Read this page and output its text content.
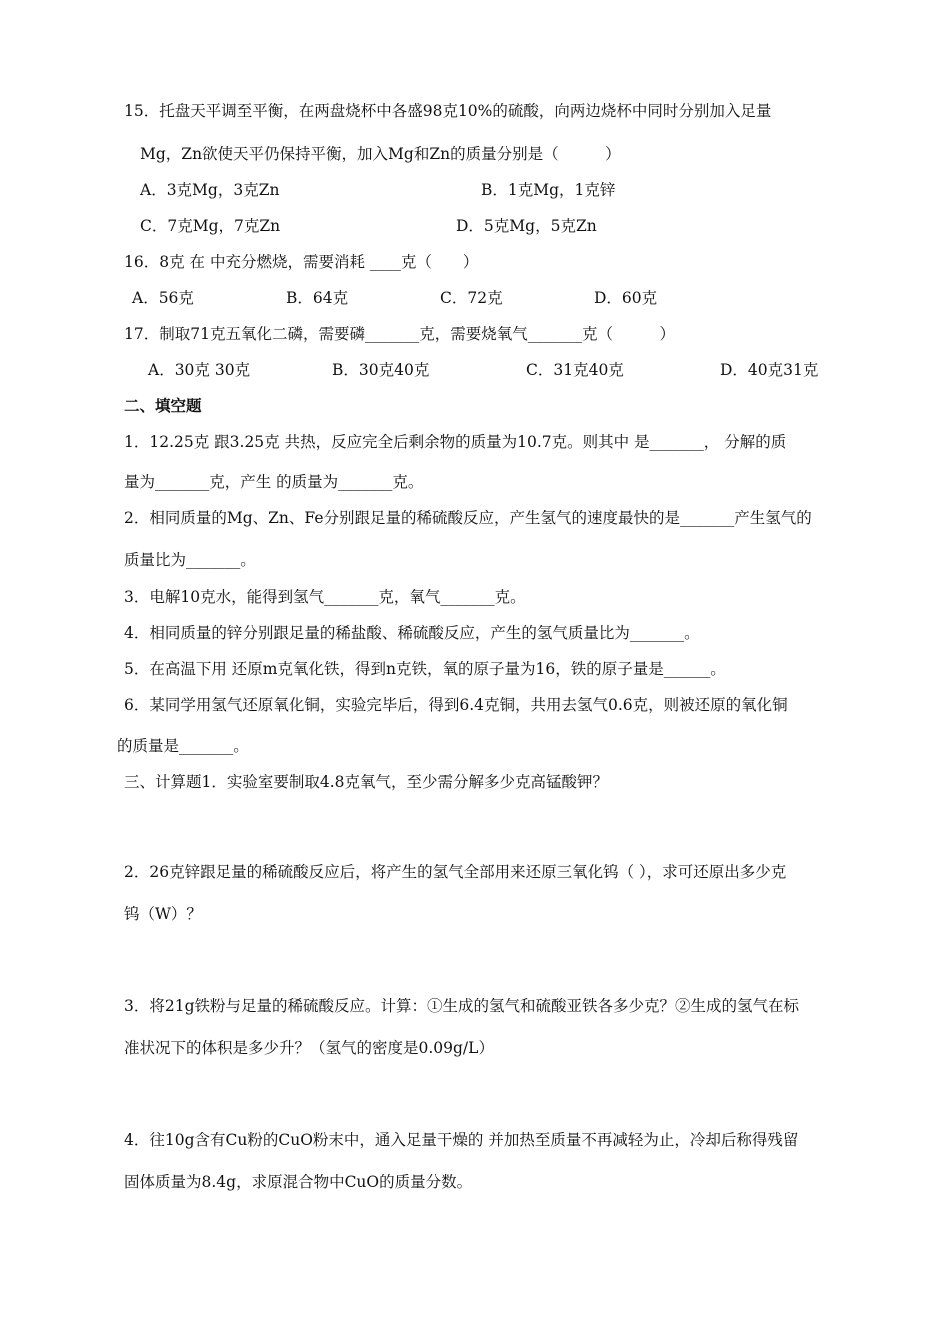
15．托盘天平调至平衡，在两盘烧杯中各盛98克10%的硫酸，向两边烧杯中同时分别加入足量
Mg，Zn欲使天平仍保持平衡，加入Mg和Zn的质量分别是（　　　）
A．3克Mg，3克Zn	B．1克Mg，1克锌
C．7克Mg，7克Zn	D．5克Mg，5克Zn
16．8克 在 中充分燃烧，需要消耗 ____克（　　）
A．56克	B．64克	C．72克	D．60克
17．制取71克五氧化二磷，需要磷_______克，需要烧氧气_______克（　　　）
A．30克 30克	B．30克40克	C．31克40克	D．40克31克
二、填空题
1．12.25克 跟3.25克 共热，反应完全后剩余物的质量为10.7克。则其中 是_______， 分解的质
量为_______克，产生 的质量为_______克。
2．相同质量的Mg、Zn、Fe分别跟足量的稀硫酸反应，产生氢气的速度最快的是_______产生氢气的
质量比为_______。
3．电解10克水，能得到氢气_______克，氧气_______克。
4．相同质量的锌分别跟足量的稀盐酸、稀硫酸反应，产生的氢气质量比为_______。
5．在高温下用 还原m克氧化铁，得到n克铁，氧的原子量为16，铁的原子量是______。
6．某同学用氢气还原氧化铜，实验完毕后，得到6.4克铜，共用去氢气0.6克，则被还原的氧化铜
的质量是_______。
三、计算题1．实验室要制取4.8克氧气，至少需分解多少克高锰酸钾？
2．26克锌跟足量的稀硫酸反应后，将产生的氢气全部用来还原三氧化钨（ ），求可还原出多少克
钨（W）？
3．将21g铁粉与足量的稀硫酸反应。计算：①生成的氢气和硫酸亚铁各多少克？②生成的氢气在标
准状况下的体积是多少升？（氢气的密度是0.09g/L）
4．往10g含有Cu粉的CuO粉末中，通入足量干燥的 并加热至质量不再减轻为止，冷却后称得残留
固体质量为8.4g，求原混合物中CuO的质量分数。
